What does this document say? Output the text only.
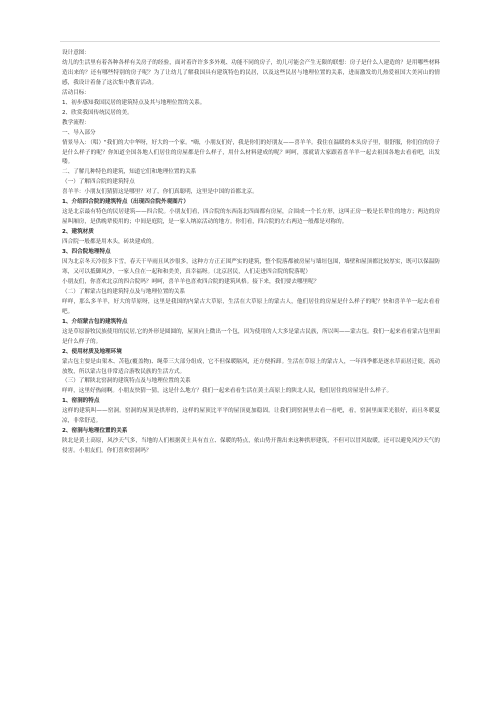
设计意图：

幼儿的生活里有着各种各样有关房子的经验，面对着许许多多外观、功能不同的房子，幼儿可能会产生无限的联想：房子是什么人建造的？是用哪些材料造出来的？还有哪些特别的房子呢？为了让幼儿了解我国具有建筑特色的民居，以及这些民居与地理位置的关系，进而激发幼儿热爱祖国大美河山的情感，我设计着备了这次集中教育活动。

活动目标：

1、初步感知我国民居的建筑特点及其与地理位置的关系。

2、欣赏我国传统民居的美。

教学流程：

一、导入部分

情景导入：（唱）"我们的大中华呀，好大的一个家。"嗨，小朋友们好，我是你们的好朋友——喜羊羊。我住在温暖的木头房子里，很舒服，你们住的房子是什么样子的呢？你知道全国各地人们居住的房屋都是什么样子，用什么材料建成的呢？呵呵，那就请大家跟着喜羊羊一起去祖国各地去看看吧，出发喽。

二、了解几种特色的建筑，知道它们和地理位置的关系

（一）了解四合院的建筑特点

喜羊羊：小朋友们猜猜这是哪里？对了，你们真聪明，这里是中国的首都北京。

1、介绍四合院的建筑特点（出现四合院外观图片）

这是北京最有特色的民居建筑——四合院。小朋友们看，四合院的东西南北四面都有房屋，合围成一个长方形，这叫正房一般是长辈住的地方；两边的房屋叫厢房，是供晚辈使用的；中间是庭院，是一家人纳凉活动的地方。你们看，四合院的左右两边一般都是对称的。

2、建筑材质

四合院一般都是用木头，砖块建成的。

3、四合院地理特点

因为北京冬天冷很多下雪，春天干旱雨且风沙很多，这种方方正正围严实的建筑，整个院落都被房屋与墙垣包围，墙壁和屋顶都比较厚实，既可以保温防寒，又可以抵御风沙，一家人住在一起和和美美，真幸福呀。（北京居民，人们走进四合院的院落呢）

小朋友们，你喜欢北京的四合院吗？呵呵，喜羊羊也喜欢四合院的建筑风格。接下来，我们要去哪里呢？

（二）了解蒙古包的建筑特点及与地理位置的关系

咩咩，那么多羊羊，好大的草原呀，这里是我国的内蒙古大草原，生活在大草原上的蒙古人，他们居住的房屋是什么样子的呢？快和喜羊羊一起去看看吧。

1、介绍蒙古包的建筑特点

这是草原游牧民族使用的民居,它的外形是圆圆的，屋顶向上微出一个包，因为使用的人大多是蒙古民族，所以叫——蒙古包。我们一起来看看蒙古包里面是什么样子的。

2、使用材质及地理环境

蒙古包主要是由架木、苫毡(覆盖物)、绳带三大部分组成，它不但保暖隔风，还方便拆卸。生活在草原上的蒙古人，一年四季都是逐水草而居迁徙，流动放牧，所以蒙古包非常适合游牧民族的生活方式。

（三）了解陕北窑洞的建筑特点及与地理位置的关系

咩咩，这里好热闹啊。小朋友快猜一猜，这是什么地方？我们一起来看看生活在黄土高原上的陕北人民，他们居住的房屋是什么样子。

1、窑洞的特点

这样的建筑叫——窑洞。窑洞的屋顶是拱形的，这样的屋顶比平平的屋顶更加稳固。让我们到窑洞里去看一看吧，看，窑洞里面采光很好，而且冬暖夏凉，非常舒适。

2、窑洞与地理位置的关系

陕北是黄土高原，风沙天气多，当地的人们根据黄土具有直立、保暖的特点，依山势开凿出来这种拱形建筑，不但可以冒风取暖，还可以避免风沙天气的侵害。小朋友们，你们喜欢窑洞吗？
